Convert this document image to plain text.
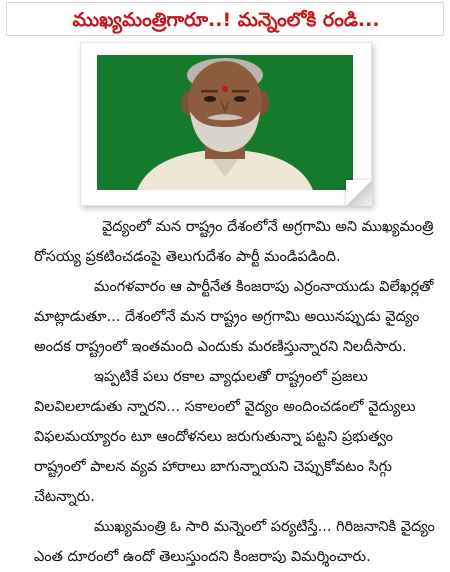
ముఖ్యమంత్రిగారూ..! మన్నెంలోకి రండి...

వైద్యంలో మన రాష్ట్రం దేశంలోనే అగ్రగామి అని ముఖ్యమంత్రి రోసయ్య ప్రకటించడంపై తెలుగుదేశం పార్టీ మండిపడింది.

మంగళవారం ఆ పార్టీనేత కింజరాపు ఎర్రంనాయుడు విలేఖర్లతో మాట్లాడుతూ... దేశంలోనే మన రాష్ట్రం అగ్రగామి అయినప్పుడు వైద్యం అందక రాష్ట్రంలో ఇంతమంది ఎందుకు మరణిస్తున్నారని నిలదీసారు.

ఇప్పటికే పలు రకాల వ్యాధులతో రాష్ట్రంలో ప్రజలు విలవిలలాడుతు న్నారని... సకాలంలో వైద్యం అందించడంలో వైద్యులు విఫలమయ్యారం టూ ఆందోళనలు జరుగుతున్నా పట్టని ప్రభుత్వం రాష్ట్రంలో పాలన వ్యవ హారాలు బాగున్నాయని చెప్పుకోవటం సిగ్గు చేటన్నారు.

ముఖ్యమంత్రి ఓ సారి మన్నెంలో పర్యటిస్తే... గిరిజనానికి వైద్యం ఎంత దూరంలో ఉందో తెలుస్తుందని కింజరాపు విమర్శించారు.
